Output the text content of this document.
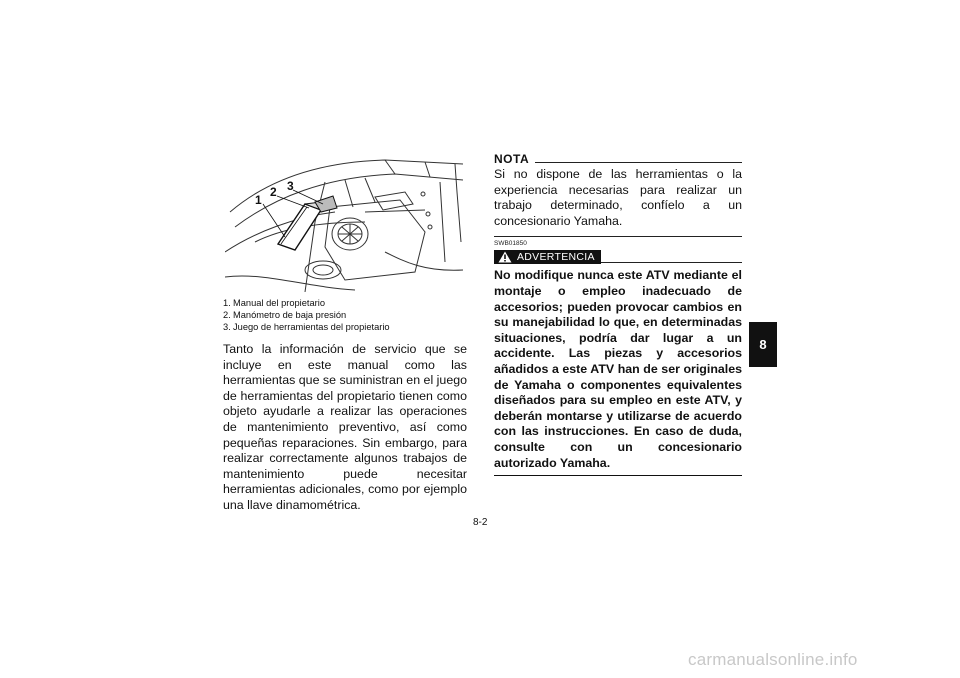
1
2 3
1. Manual del propietario
2. Manómetro de baja presión
3. Juego de herramientas del propietario

Tanto la información de servicio que se incluye en este manual como las herramientas que se suministran en el juego de herramientas del propietario tienen como objeto ayudarle a realizar las operaciones de mantenimiento preventivo, así como pequeñas reparaciones. Sin embargo, para realizar correctamente algunos trabajos de mantenimiento puede necesitar herramientas adicionales, como por ejemplo una llave dinamométrica.

NOTA

Si no dispone de las herramientas o la experiencia necesarias para realizar un trabajo determinado, confíelo a un concesionario Yamaha.

SWB01850
ADVERTENCIA

No modifique nunca este ATV mediante el montaje o empleo inadecuado de accesorios; pueden provocar cambios en su manejabilidad lo que, en determinadas situaciones, podría dar lugar a un accidente. Las piezas y accesorios añadidos a este ATV han de ser originales de Yamaha o componentes equivalentes diseñados para su empleo en este ATV, y deberán montarse y utilizarse de acuerdo con las instrucciones. En caso de duda, consulte con un concesionario autorizado Yamaha.

8-2
8
carmanualsonline.info
